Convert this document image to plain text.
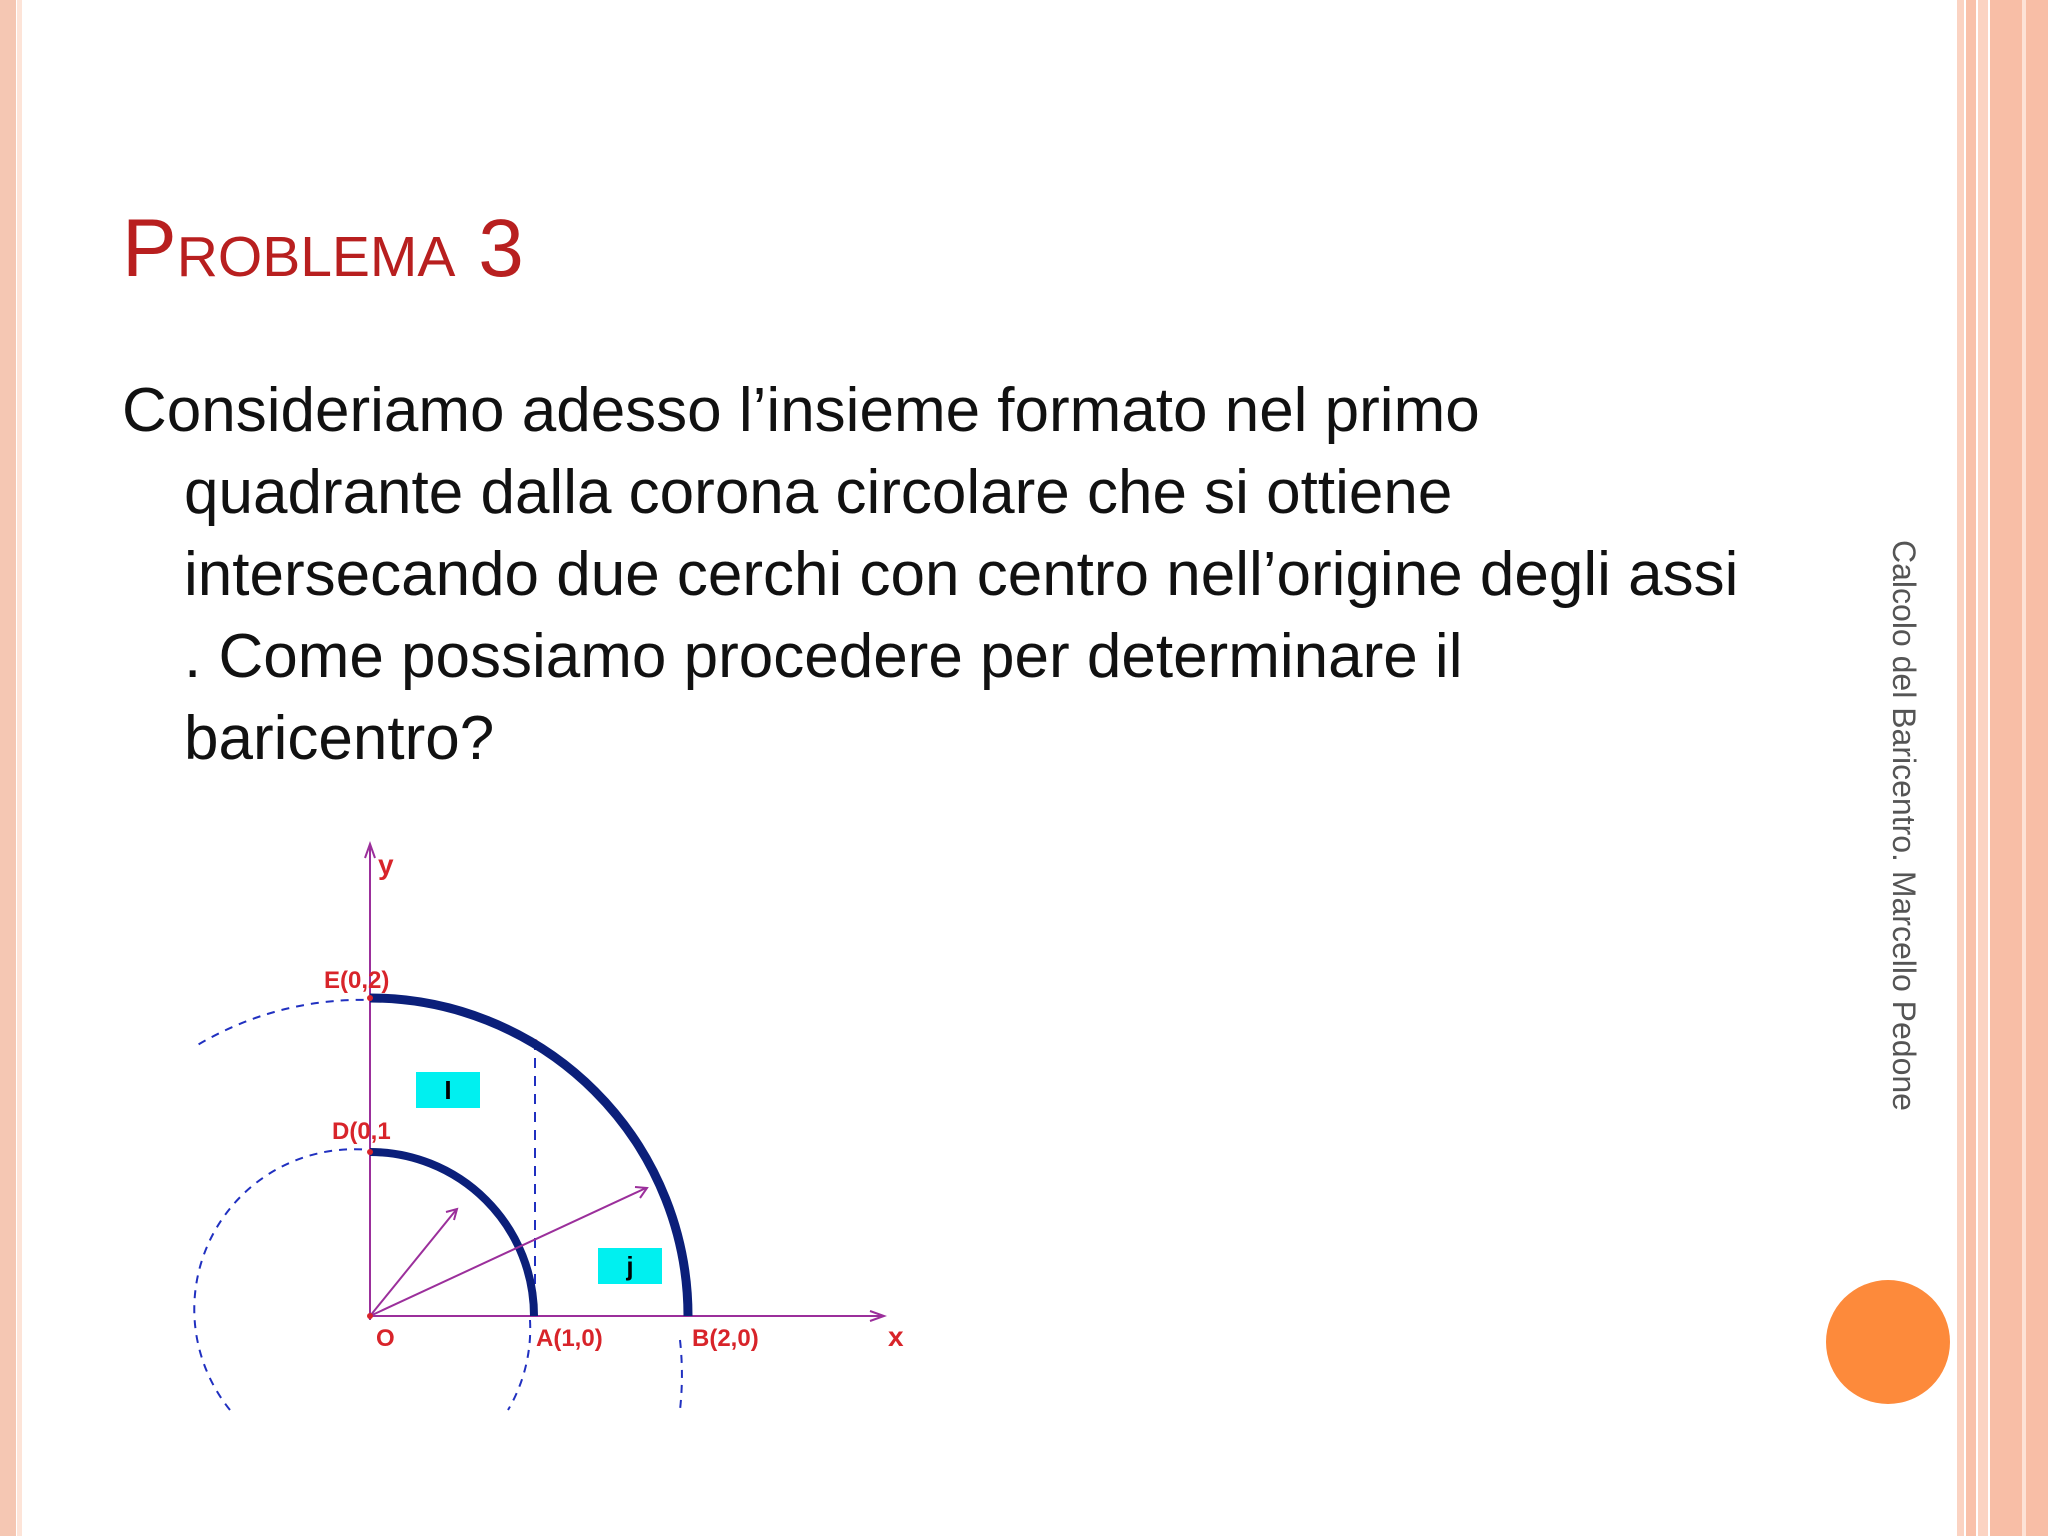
Problema 3

Consideriamo adesso l’insieme formato nel primo quadrante dalla corona circolare che si ottiene intersecando due cerchi con centro nell’origine degli assi . Come possiamo procedere per determinare il baricentro?	Calcolo del Baricentro. Marcello Pedone
I
j
y
x
E(0,2)
D(0,1
O	A(1,0)	B(2,0)
